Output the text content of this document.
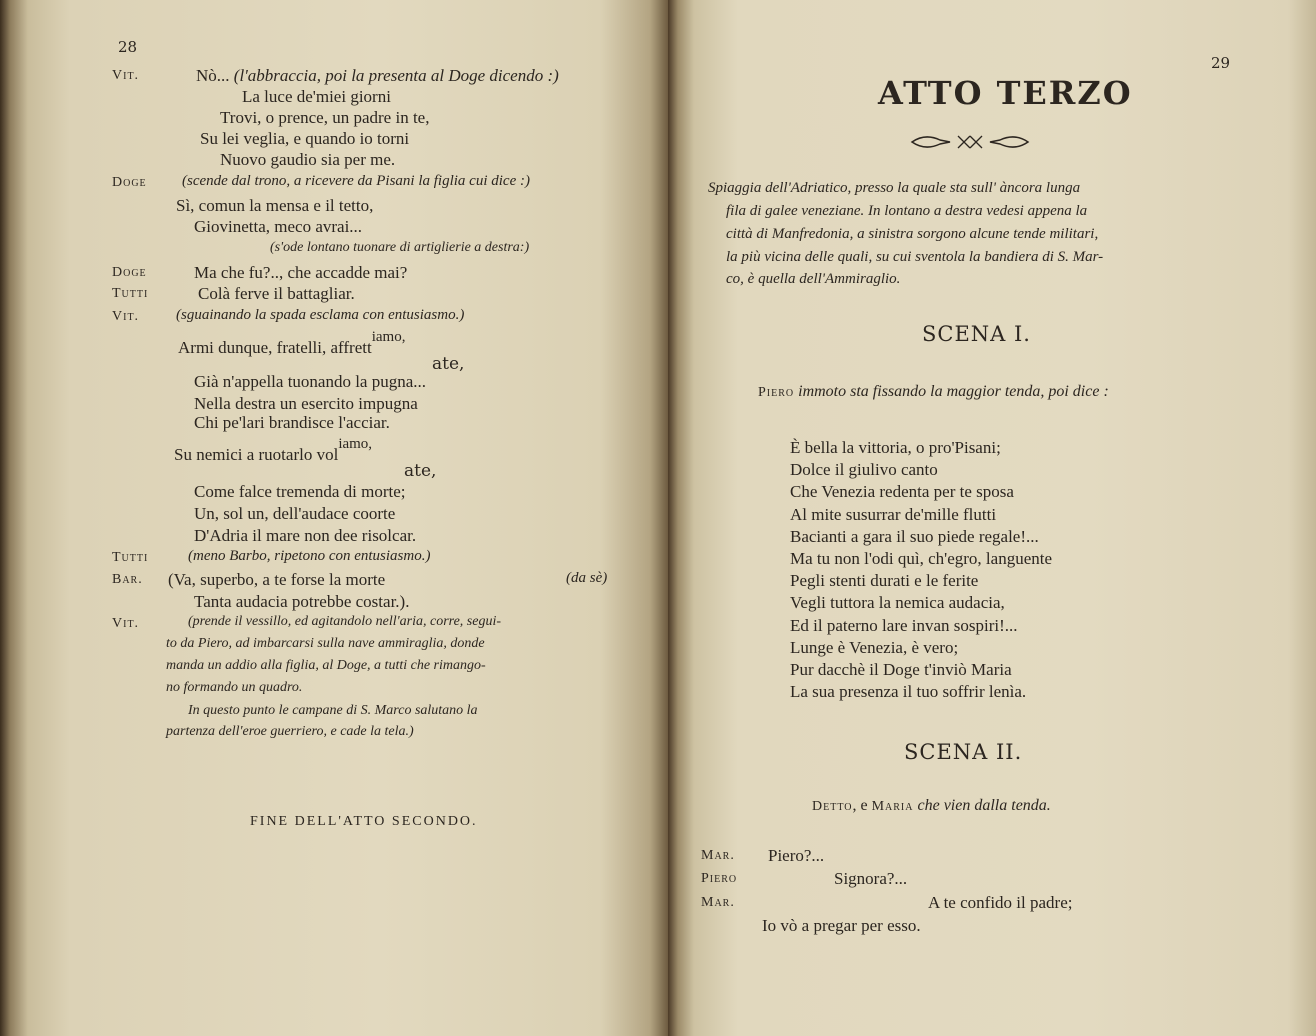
28
Vit.	Nò... (l'abbraccia, poi la presenta al Doge dicendo :)
La luce de'miei giorni
Trovi, o prence, un padre in te,
Su lei veglia, e quando io torni
Nuovo gaudio sia per me.
Doge (scende dal trono, a ricevere da Pisani la figlia cui dice :)
Sì, comun la mensa e il tetto,
Giovinetta, meco avrai...
(s'ode lontano tuonare di artiglierie a destra:)
Doge	Ma che fu?.., che accadde mai?
Tutti	Colà ferve il battagliar.
Vit. (sguainando la spada esclama con entusiasmo.)
Armi dunque, fratelli, affrettiamo,
ate,
Già n'appella tuonando la pugna...
Nella destra un esercito impugna
Chi pe'lari brandisce l'acciar.
Su nemici a ruotarlo voliamo,
ate,
Come falce tremenda di morte;
Un, sol un, dell'audace coorte
D'Adria il mare non dee risolcar.
Tutti	(meno Barbo, ripetono con entusiasmo.)
Bar. (Va, superbo, a te forse la morte	(da sè)
Tanta audacia potrebbe costar.).
Vit.	(prende il vessillo, ed agitandolo nell'aria, corre, segui-
to da Piero, ad imbarcarsi sulla nave ammiraglia, donde
manda un addio alla figlia, al Doge, a tutti che rimango-
no formando un quadro.
In questo punto le campane di S. Marco salutano la
partenza dell'eroe guerriero, e cade la tela.)
FINE DELL'ATTO SECONDO.
29
ATTO TERZO
Spiaggia dell'Adriatico, presso la quale sta sull' àncora lunga
fila di galee veneziane. In lontano a destra vedesi appena la
città di Manfredonia, a sinistra sorgono alcune tende militari,
la più vicina delle quali, su cui sventola la bandiera di S. Mar-
co, è quella dell'Ammiraglio.
SCENA I.
Piero immoto sta fissando la maggior tenda, poi dice :
È bella la vittoria, o pro'Pisani;
Dolce il giulivo canto
Che Venezia redenta per te sposa
Al mite susurrar de'mille flutti
Bacianti a gara il suo piede regale!...
Ma tu non l'odi quì, ch'egro, languente
Pegli stenti durati e le ferite
Vegli tuttora la nemica audacia,
Ed il paterno lare invan sospiri!...
Lunge è Venezia, è vero;
Pur dacchè il Doge t'inviò Maria
La sua presenza il tuo soffrir lenìa.
SCENA II.
Detto, e Maria che vien dalla tenda.
Mar. Piero?...
Piero	Signora?...
Mar.	A te confido il padre;
Io vò a pregar per esso.
